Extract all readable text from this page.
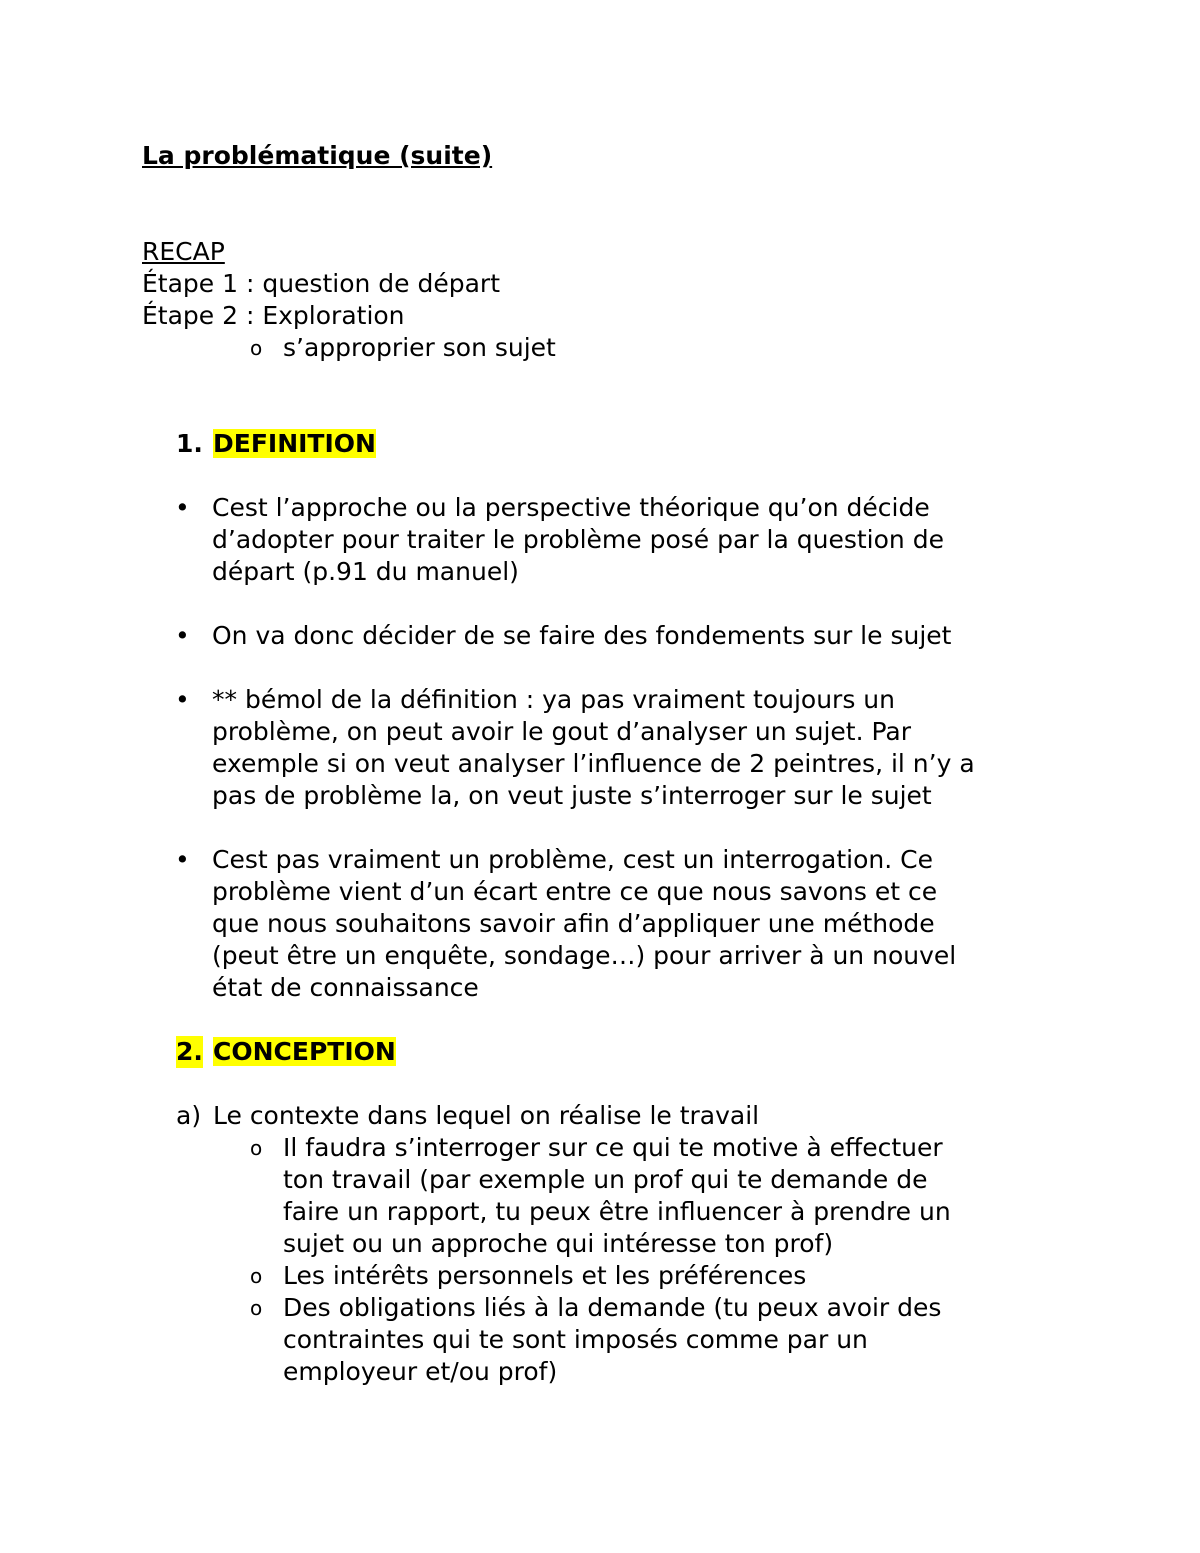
La problématique (suite)

RECAP

Étape 1 : question de départ

Étape 2 : Exploration

o s’approprier son sujet

1. DEFINITION

• Cest l’approche ou la perspective théorique qu’on décide
d’adopter pour traiter le problème posé par la question de
départ (p.91 du manuel)
• On va donc décider de se faire des fondements sur le sujet
• ** bémol de la définition : ya pas vraiment toujours un
problème, on peut avoir le gout d’analyser un sujet. Par
exemple si on veut analyser l’influence de 2 peintres, il n’y a
pas de problème la, on veut juste s’interroger sur le sujet
• Cest pas vraiment un problème, cest un interrogation. Ce
problème vient d’un écart entre ce que nous savons et ce
que nous souhaitons savoir afin d’appliquer une méthode
(peut être un enquête, sondage…) pour arriver à un nouvel
état de connaissance

2. CONCEPTION

a) Le contexte dans lequel on réalise le travail

o Il faudra s’interroger sur ce qui te motive à effectuer
ton travail (par exemple un prof qui te demande de
faire un rapport, tu peux être influencer à prendre un
sujet ou un approche qui intéresse ton prof)
o Les intérêts personnels et les préférences
o Des obligations liés à la demande (tu peux avoir des
contraintes qui te sont imposés comme par un
employeur et/ou prof)
